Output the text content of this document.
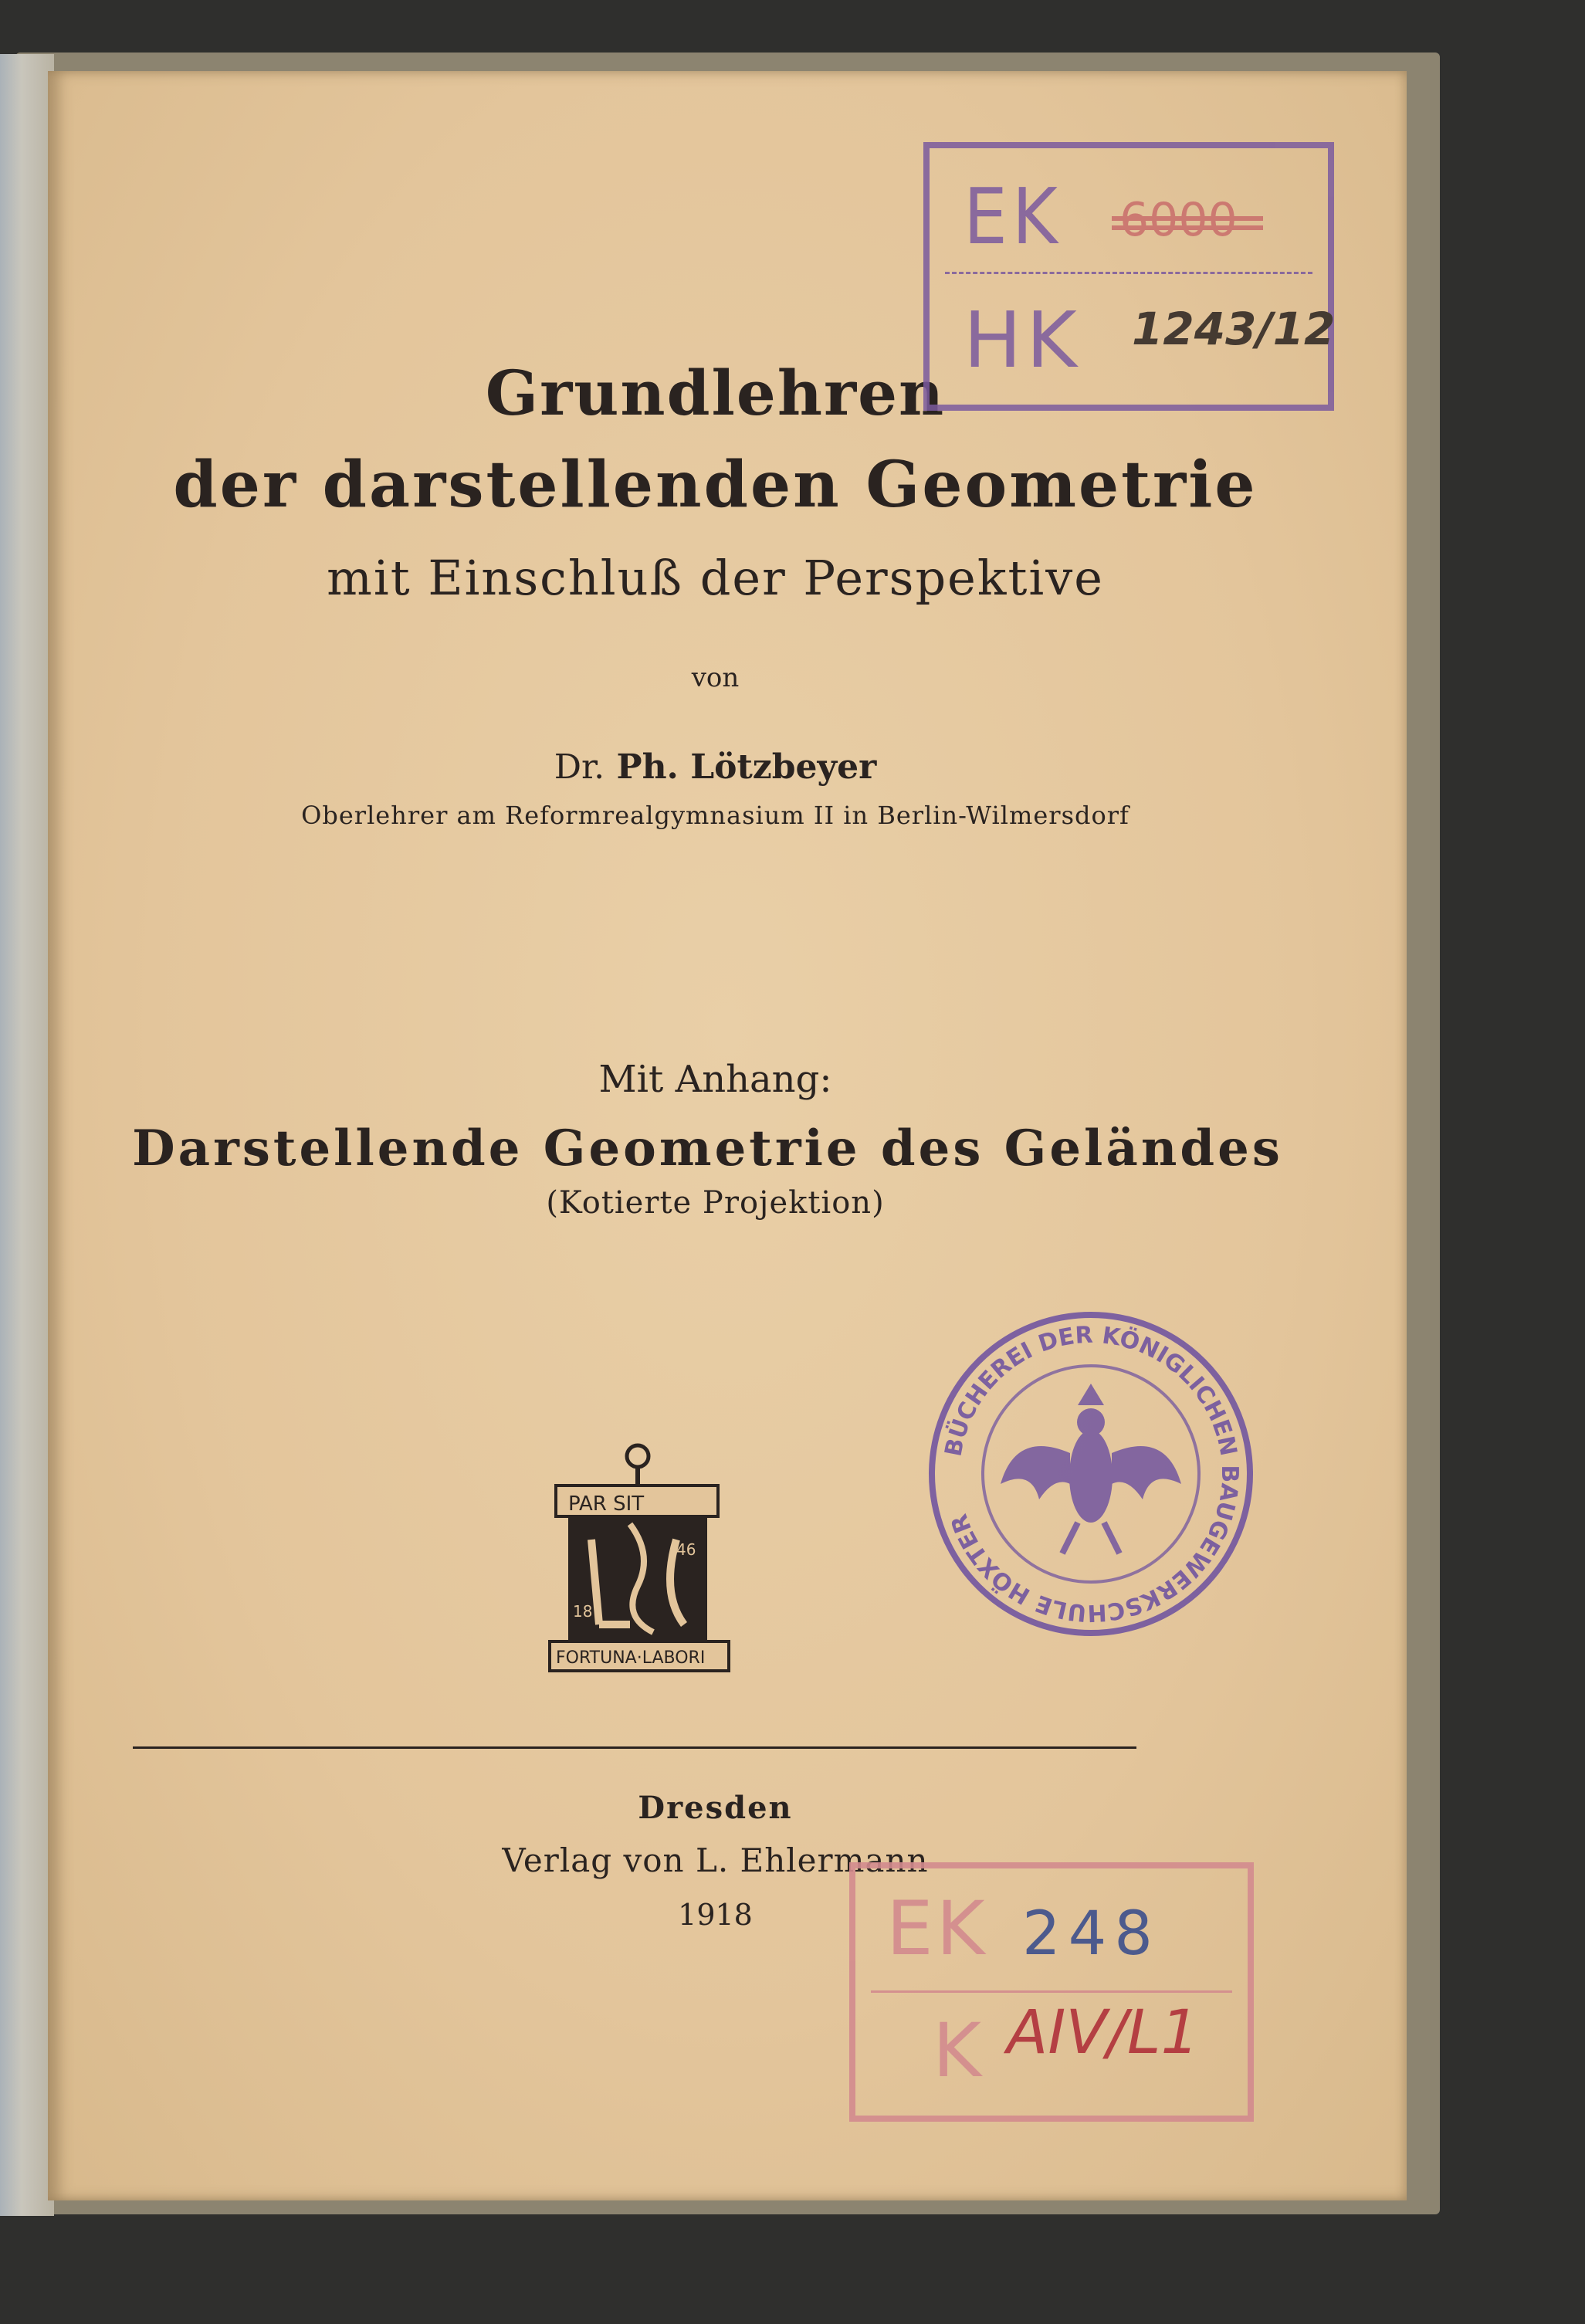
Grundlehren
der darstellenden Geometrie
mit Einschluß der Perspektive
von
Dr. Ph. Lötzbeyer
Oberlehrer am Reformrealgymnasium II in Berlin-Wilmersdorf
Mit Anhang:
Darstellende Geometrie des Geländes
(Kotierte Projektion)
PAR SIT
18
46
FORTUNA·LABORI
BÜCHEREI DER KÖNIGLICHEN BAUGEWERKSCHULE HÖXTER
EK
HK 1243/12
Dresden
Verlag von L. Ehlermann
1918	EK 248
K AIV/L1
